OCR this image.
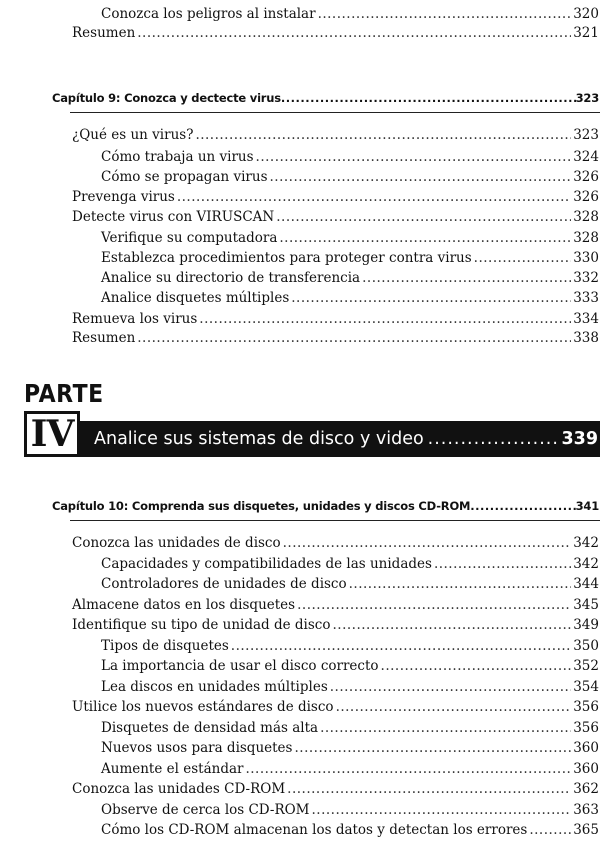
Conozca los peligros al instalar .....	320
Resumen .....	321
Capítulo 9: Conozca y dectecte virus .....	323
¿Qué es un virus? .....	323
Cómo trabaja un virus .....	324
Cómo se propagan virus .....	326
Prevenga virus .....	326
Detecte virus con VIRUSCAN .....	328
Verifique su computadora .....	328
Establezca procedimientos para proteger contra virus .....	330
Analice su directorio de transferencia .....	332
Analice disquetes múltiples .....	333
Remueva los virus .....	334
Resumen .....	338
PARTE
IV Analice sus sistemas de disco y video .....	339
Capítulo 10: Comprenda sus disquetes, unidades y discos CD-ROM .....	341
Conozca las unidades de disco .....	342
Capacidades y compatibilidades de las unidades .....	342
Controladores de unidades de disco .....	344
Almacene datos en los disquetes .....	345
Identifique su tipo de unidad de disco .....	349
Tipos de disquetes .....	350
La importancia de usar el disco correcto .....	352
Lea discos en unidades múltiples .....	354
Utilice los nuevos estándares de disco .....	356
Disquetes de densidad más alta .....	356
Nuevos usos para disquetes .....	360
Aumente el estándar .....	360
Conozca las unidades CD-ROM .....	362
Observe de cerca los CD-ROM .....	363
Cómo los CD-ROM almacenan los datos y detectan los errores .....	365
